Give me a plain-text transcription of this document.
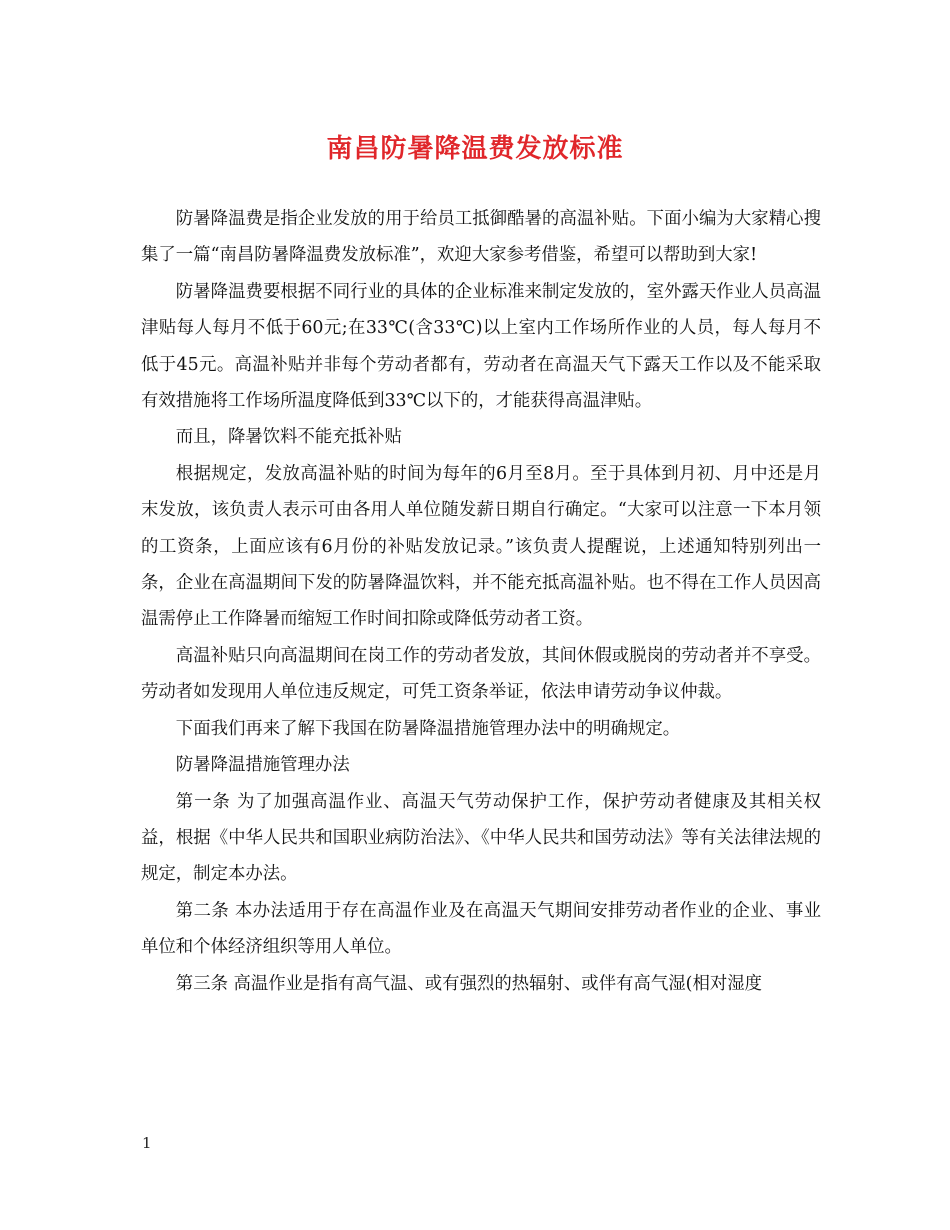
南昌防暑降温费发放标准

防暑降温费是指企业发放的用于给员工抵御酷暑的高温补贴。下面小编为大家精心搜集了一篇“南昌防暑降温费发放标准”，欢迎大家参考借鉴，希望可以帮助到大家!

防暑降温费要根据不同行业的具体的企业标准来制定发放的，室外露天作业人员高温津贴每人每月不低于60元;在33℃(含33℃)以上室内工作场所作业的人员，每人每月不低于45元。高温补贴并非每个劳动者都有，劳动者在高温天气下露天工作以及不能采取有效措施将工作场所温度降低到33℃以下的，才能获得高温津贴。

而且，降暑饮料不能充抵补贴

根据规定，发放高温补贴的时间为每年的6月至8月。至于具体到月初、月中还是月末发放，该负责人表示可由各用人单位随发薪日期自行确定。“大家可以注意一下本月领的工资条，上面应该有6月份的补贴发放记录。”该负责人提醒说，上述通知特别列出一条，企业在高温期间下发的防暑降温饮料，并不能充抵高温补贴。也不得在工作人员因高温需停止工作降暑而缩短工作时间扣除或降低劳动者工资。

高温补贴只向高温期间在岗工作的劳动者发放，其间休假或脱岗的劳动者并不享受。劳动者如发现用人单位违反规定，可凭工资条举证，依法申请劳动争议仲裁。

下面我们再来了解下我国在防暑降温措施管理办法中的明确规定。

防暑降温措施管理办法

第一条 为了加强高温作业、高温天气劳动保护工作，保护劳动者健康及其相关权益，根据《中华人民共和国职业病防治法》、《中华人民共和国劳动法》等有关法律法规的规定，制定本办法。

第二条 本办法适用于存在高温作业及在高温天气期间安排劳动者作业的企业、事业单位和个体经济组织等用人单位。

第三条 高温作业是指有高气温、或有强烈的热辐射、或伴有高气湿(相对湿度

1
